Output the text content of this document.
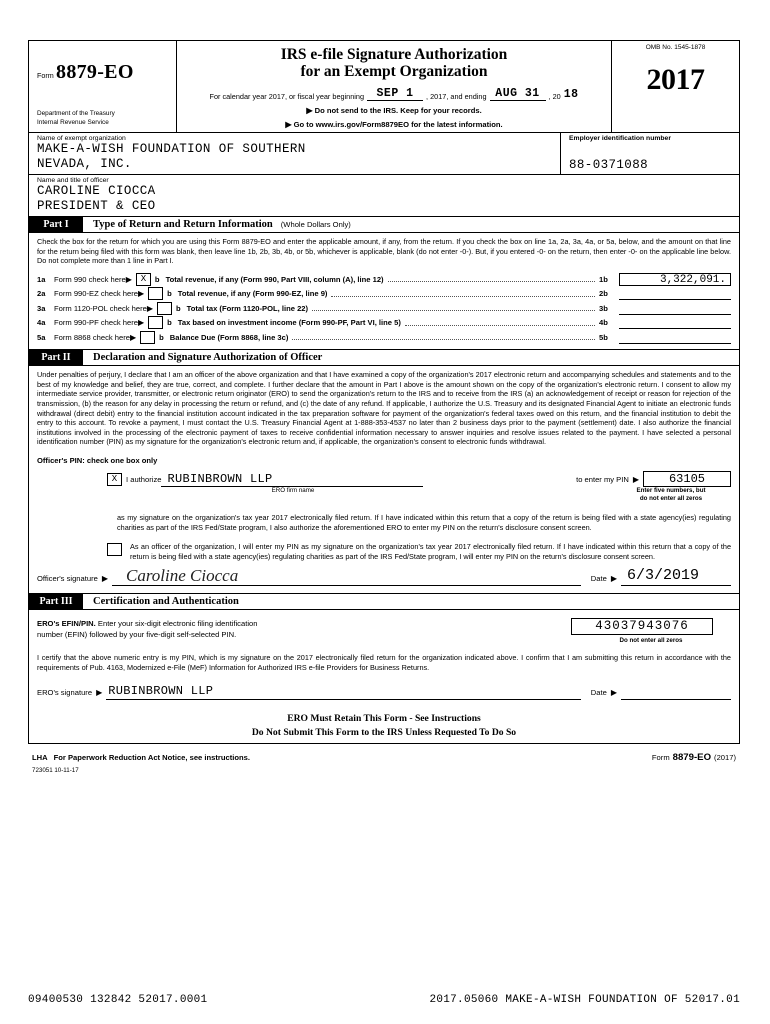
Form 8879-EO
Department of the Treasury
Internal Revenue Service
IRS e-file Signature Authorization
for an Exempt Organization
For calendar year 2017, or fiscal year beginning	SEP 1	, 2017, and ending AUG 31	, 20 18
▶ Do not send to the IRS. Keep for your records.
▶ Go to www.irs.gov/Form8879EO for the latest information.
OMB No. 1545-1878
2017
Name of exempt organization
MAKE-A-WISH FOUNDATION OF SOUTHERN
NEVADA, INC.
Employer identification number
88-0371088
Name and title of officer
CAROLINE CIOCCA
PRESIDENT & CEO
Part I	Type of Return and Return Information (Whole Dollars Only)
Check the box for the return for which you are using this Form 8879-EO and enter the applicable amount, if any, from the return. If you check the box on line 1a, 2a, 3a, 4a, or 5a, below, and the amount on that line for the return being filed with this form was blank, then leave line 1b, 2b, 3b, 4b, or 5b, whichever is applicable, blank (do not enter -0-). But, if you entered -0- on the return, then enter -0- on the applicable line below. Do not complete more than 1 line in Part I.
1a	Form 990 check here ▶ X	b Total revenue, if any (Form 990, Part VIII, column (A), line 12)	1b	3,322,091.
2a	Form 990-EZ check here ▶	b Total revenue, if any (Form 990-EZ, line 9)	2b
3a	Form 1120-POL check here ▶	b Total tax (Form 1120-POL, line 22)	3b
4a	Form 990-PF check here ▶	b Tax based on investment income (Form 990-PF, Part VI, line 5)	4b
5a	Form 8868 check here ▶	b Balance Due (Form 8868, line 3c)	5b
Part II	Declaration and Signature Authorization of Officer
Under penalties of perjury, I declare that I am an officer of the above organization and that I have examined a copy of the organization's 2017 electronic return and accompanying schedules and statements and to the best of my knowledge and belief, they are true, correct, and complete. I further declare that the amount in Part I above is the amount shown on the copy of the organization's electronic return. I consent to allow my intermediate service provider, transmitter, or electronic return originator (ERO) to send the organization's return to the IRS and to receive from the IRS (a) an acknowledgement of receipt or reason for rejection of the transmission, (b) the reason for any delay in processing the return or refund, and (c) the date of any refund. If applicable, I authorize the U.S. Treasury and its designated Financial Agent to initiate an electronic funds withdrawal (direct debit) entry to the financial institution account indicated in the tax preparation software for payment of the organization's federal taxes owed on this return, and the financial institution to debit the entry to this account. To revoke a payment, I must contact the U.S. Treasury Financial Agent at 1-888-353-4537 no later than 2 business days prior to the payment (settlement) date. I also authorize the financial institutions involved in the processing of the electronic payment of taxes to receive confidential information necessary to answer inquiries and resolve issues related to the payment. I have selected a personal identification number (PIN) as my signature for the organization's electronic return and, if applicable, the organization's consent to electronic funds withdrawal.
Officer's PIN: check one box only
X	I authorize RUBINBROWN LLP	to enter my PIN ▶	63105
ERO firm name	Enter five numbers, but
do not enter all zeros
as my signature on the organization's tax year 2017 electronically filed return. If I have indicated within this return that a copy of the return is being filed with a state agency(ies) regulating charities as part of the IRS Fed/State program, I also authorize the aforementioned ERO to enter my PIN on the return's disclosure consent screen.
As an officer of the organization, I will enter my PIN as my signature on the organization's tax year 2017 electronically filed return. If I have indicated within this return that a copy of the return is being filed with a state agency(ies) regulating charities as part of the IRS Fed/State program, I will enter my PIN on the return's disclosure consent screen.
Officer's signature ▶ Caroline Ciocca	Date ▶ 6/3/2019
Part III	Certification and Authentication
ERO's EFIN/PIN. Enter your six-digit electronic filing identification
number (EFIN) followed by your five-digit self-selected PIN.
43037943076
Do not enter all zeros
I certify that the above numeric entry is my PIN, which is my signature on the 2017 electronically filed return for the organization indicated above. I confirm that I am submitting this return in accordance with the requirements of Pub. 4163, Modernized e-File (MeF) Information for Authorized IRS e-file Providers for Business Returns.
ERO's signature ▶ RUBINBROWN LLP	Date ▶
ERO Must Retain This Form - See Instructions
Do Not Submit This Form to the IRS Unless Requested To Do So
LHA For Paperwork Reduction Act Notice, see instructions.	Form 8879-EO (2017)
723051 10-11-17
09400530 132842 52017.0001	2017.05060 MAKE-A-WISH FOUNDATION OF 52017.01
